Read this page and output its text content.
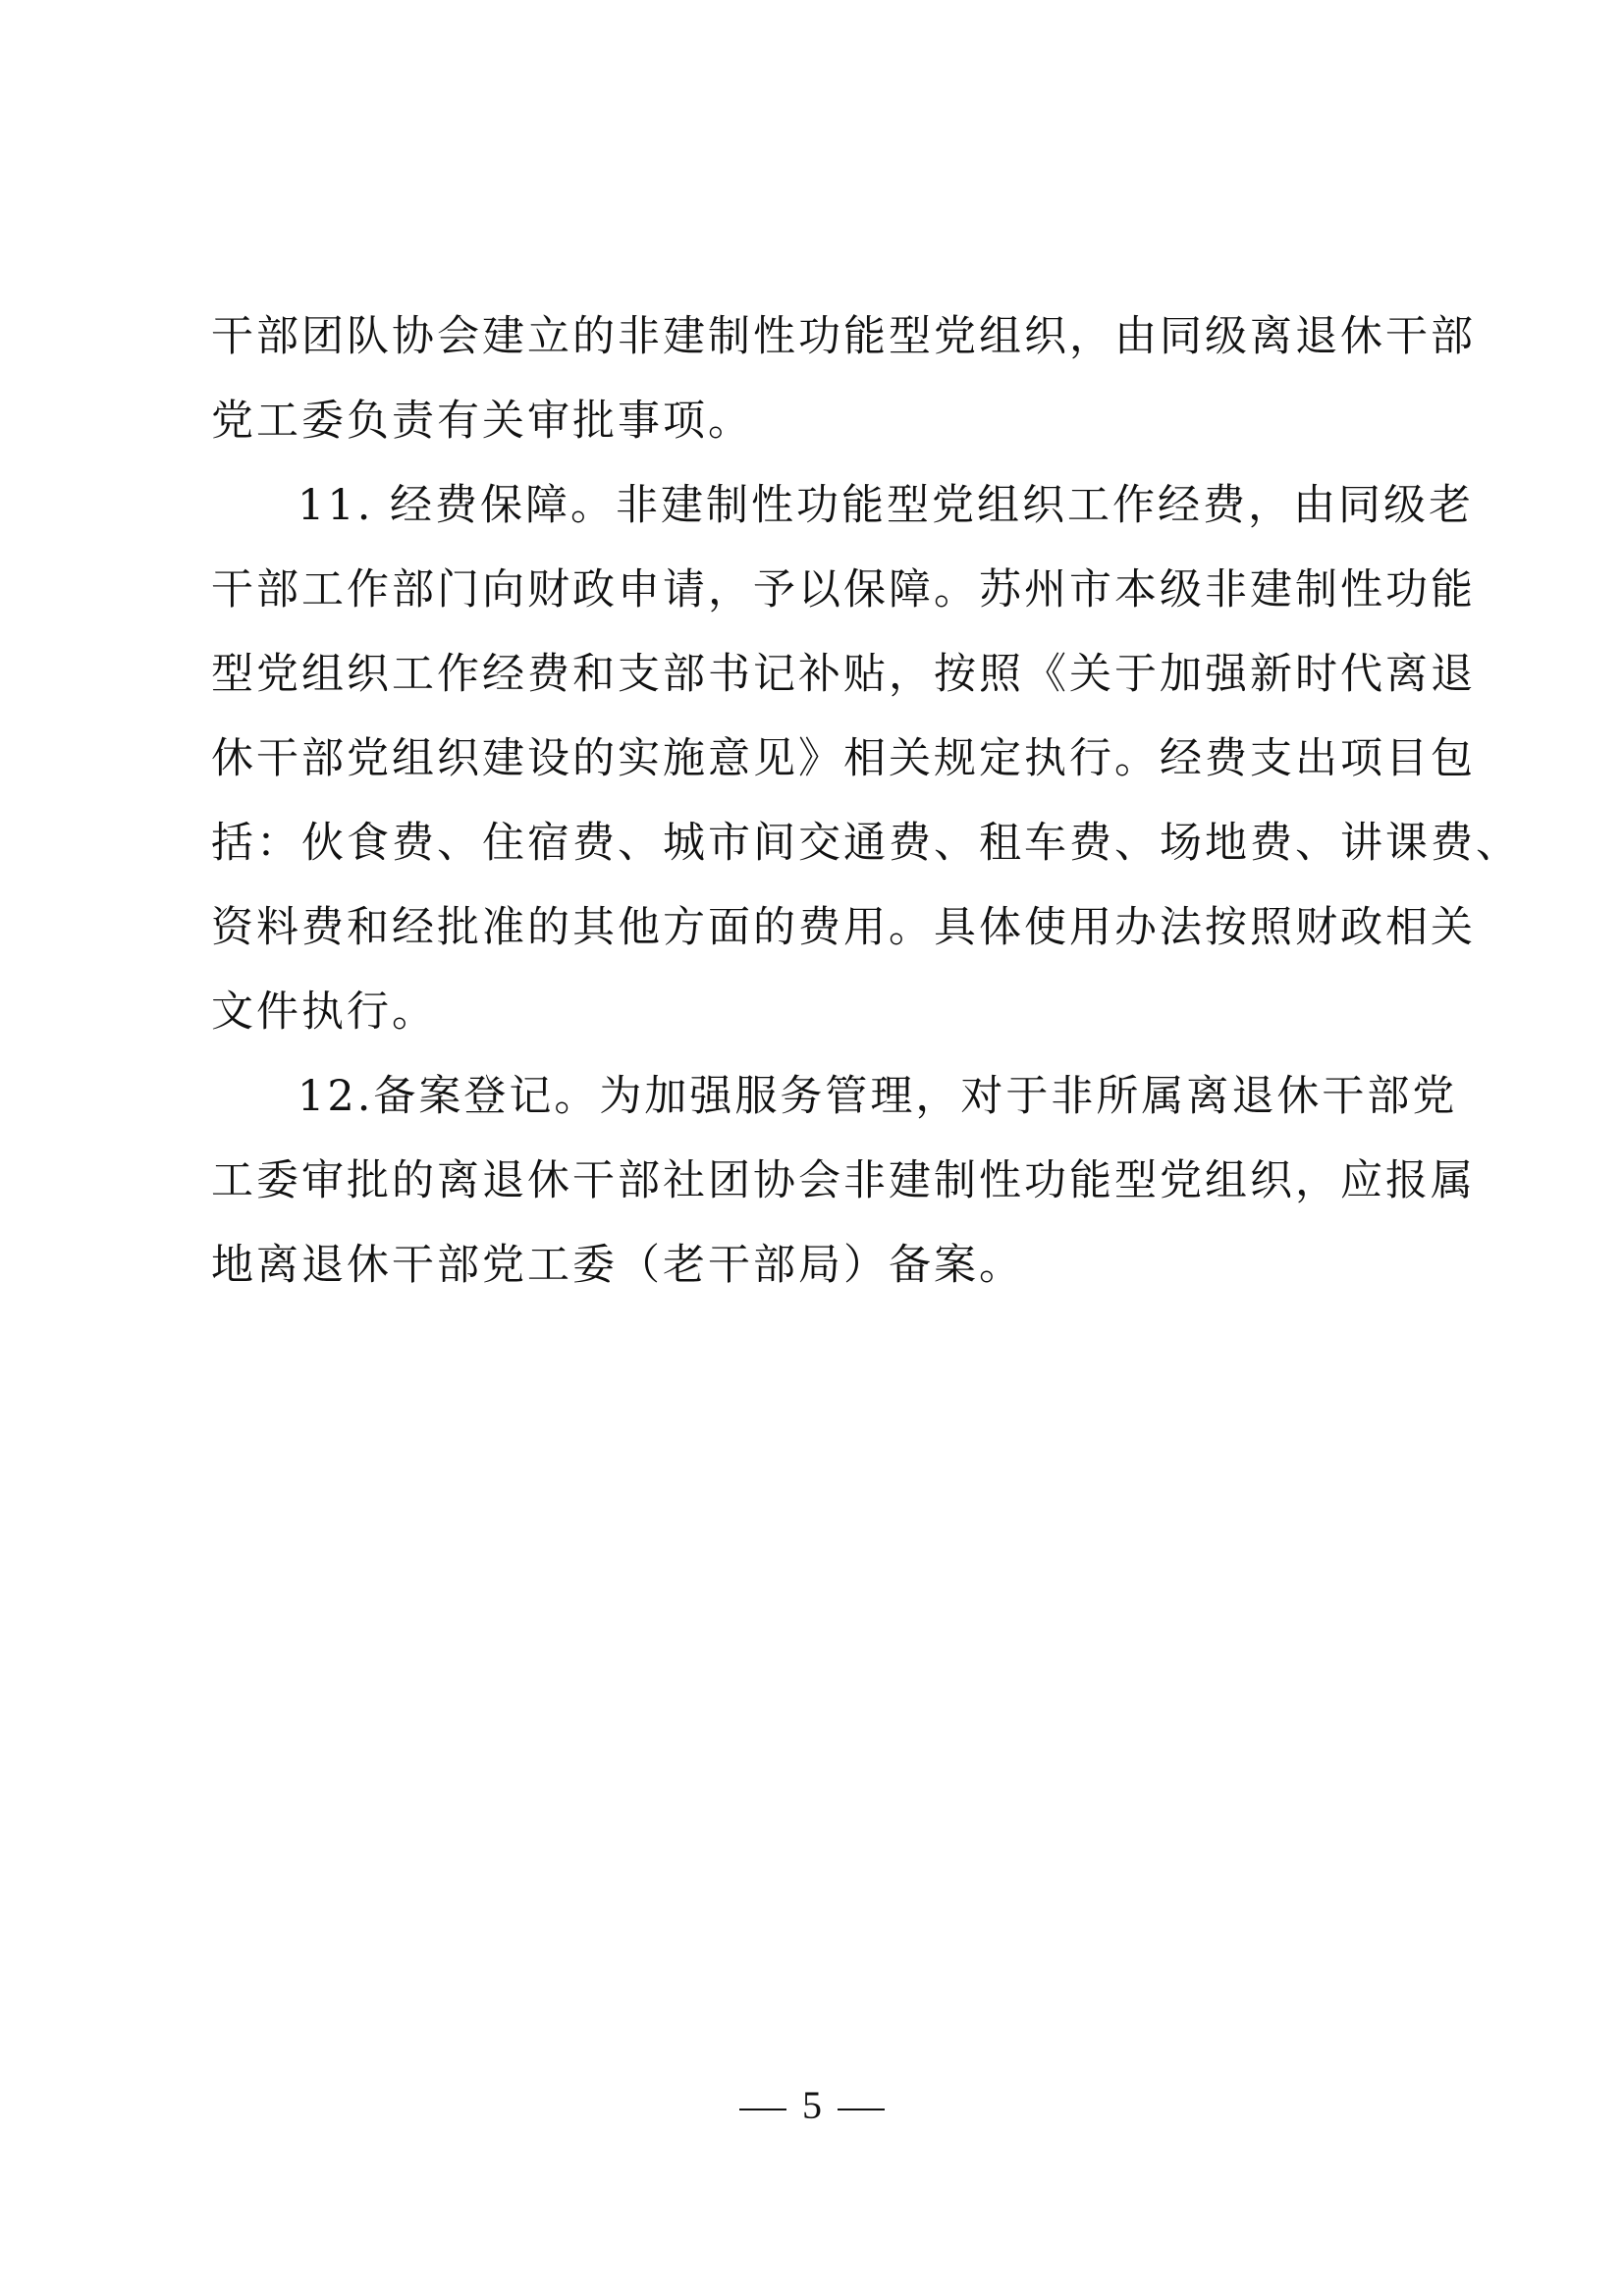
干部团队协会建立的非建制性功能型党组织，由同级离退休干部
党工委负责有关审批事项。
11. 经费保障。非建制性功能型党组织工作经费，由同级老
干部工作部门向财政申请，予以保障。苏州市本级非建制性功能
型党组织工作经费和支部书记补贴，按照《关于加强新时代离退
休干部党组织建设的实施意见》相关规定执行。经费支出项目包
括：伙食费、住宿费、城市间交通费、租车费、场地费、讲课费、
资料费和经批准的其他方面的费用。具体使用办法按照财政相关
文件执行。
12.备案登记。为加强服务管理，对于非所属离退休干部党
工委审批的离退休干部社团协会非建制性功能型党组织，应报属
地离退休干部党工委（老干部局）备案。
5
